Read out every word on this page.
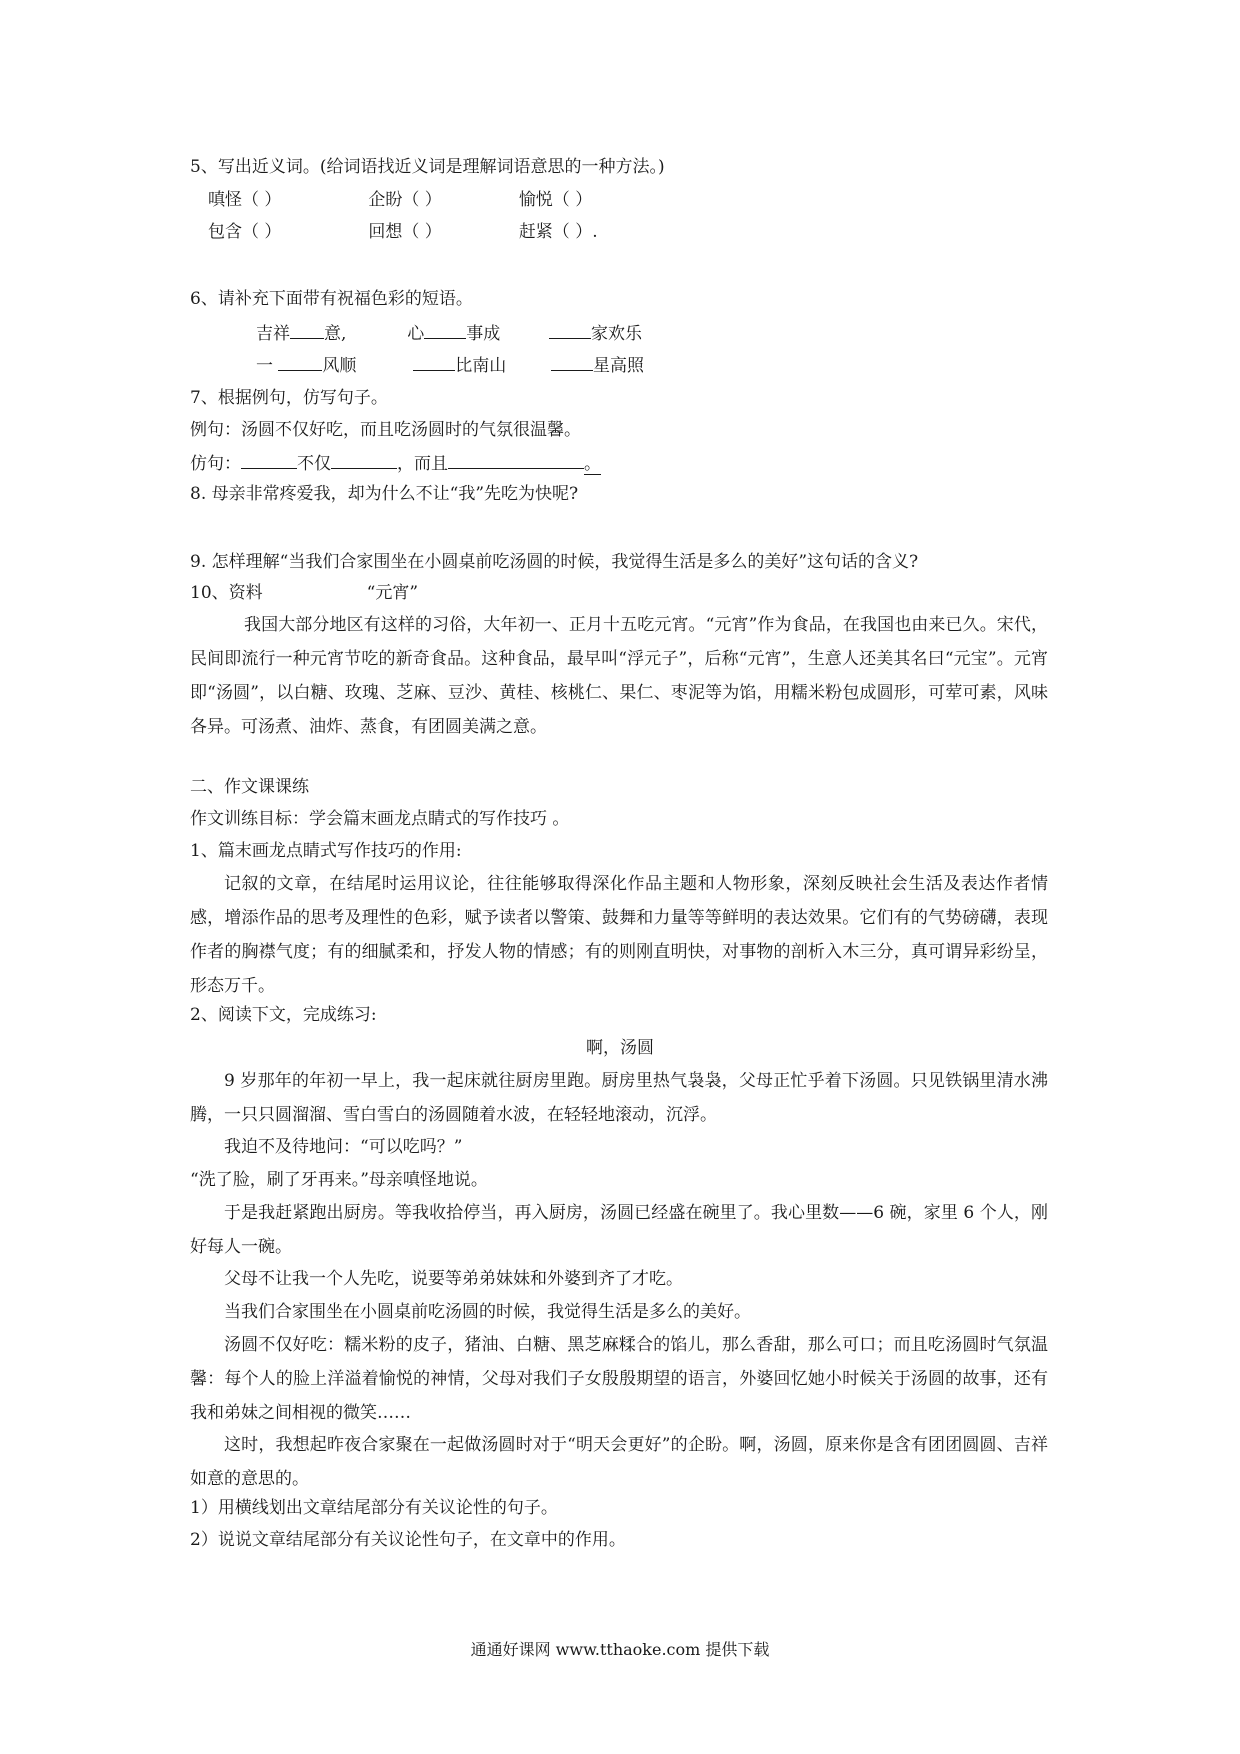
5、写出近义词。(给词语找近义词是理解词语意思的一种方法。)
嗔怪（ ）	企盼（ ）	愉悦（ ）
包含（ ）	回想（ ）	赶紧（ ）.
6、请补充下面带有祝福色彩的短语。
吉祥 意,	心 事成	家欢乐
一	风顺	比南山	星高照
7、根据例句，仿写句子。
例句：汤圆不仅好吃，而且吃汤圆时的气氛很温馨。
仿句：	不仅	，而且	。
8. 母亲非常疼爱我，却为什么不让“我”先吃为快呢?
9. 怎样理解“当我们合家围坐在小圆桌前吃汤圆的时候，我觉得生活是多么的美好”这句话的含义?
10、资料	“元宵”
我国大部分地区有这样的习俗，大年初一、正月十五吃元宵。“元宵”作为食品，在我国也由来已久。宋代，民间即流行一种元宵节吃的新奇食品。这种食品，最早叫“浮元子”，后称“元宵”，生意人还美其名曰“元宝”。元宵即“汤圆”，以白糖、玫瑰、芝麻、豆沙、黄桂、核桃仁、果仁、枣泥等为馅，用糯米粉包成圆形，可荤可素，风味各异。可汤煮、油炸、蒸食，有团圆美满之意。
二、作文课课练
作文训练目标：学会篇末画龙点睛式的写作技巧 。
1、篇末画龙点睛式写作技巧的作用:
记叙的文章，在结尾时运用议论，往往能够取得深化作品主题和人物形象，深刻反映社会生活及表达作者情感，增添作品的思考及理性的色彩，赋予读者以警策、鼓舞和力量等等鲜明的表达效果。它们有的气势磅礴，表现作者的胸襟气度；有的细腻柔和，抒发人物的情感；有的则刚直明快，对事物的剖析入木三分，真可谓异彩纷呈，形态万千。
2、阅读下文，完成练习:
啊，汤圆
9 岁那年的年初一早上，我一起床就往厨房里跑。厨房里热气袅袅，父母正忙乎着下汤圆。只见铁锅里清水沸腾，一只只圆溜溜、雪白雪白的汤圆随着水波，在轻轻地滚动，沉浮。
我迫不及待地问：“可以吃吗？”
“洗了脸，刷了牙再来。”母亲嗔怪地说。
于是我赶紧跑出厨房。等我收拾停当，再入厨房，汤圆已经盛在碗里了。我心里数——6 碗，家里 6 个人，刚好每人一碗。
父母不让我一个人先吃，说要等弟弟妹妹和外婆到齐了才吃。
当我们合家围坐在小圆桌前吃汤圆的时候，我觉得生活是多么的美好。
汤圆不仅好吃：糯米粉的皮子，猪油、白糖、黑芝麻糅合的馅儿，那么香甜，那么可口；而且吃汤圆时气氛温馨：每个人的脸上洋溢着愉悦的神情，父母对我们子女殷殷期望的语言，外婆回忆她小时候关于汤圆的故事，还有我和弟妹之间相视的微笑……
这时，我想起昨夜合家聚在一起做汤圆时对于“明天会更好”的企盼。啊，汤圆，原来你是含有团团圆圆、吉祥如意的意思的。
1）用横线划出文章结尾部分有关议论性的句子。
2）说说文章结尾部分有关议论性句子，在文章中的作用。
通通好课网 www.tthaoke.com 提供下载
